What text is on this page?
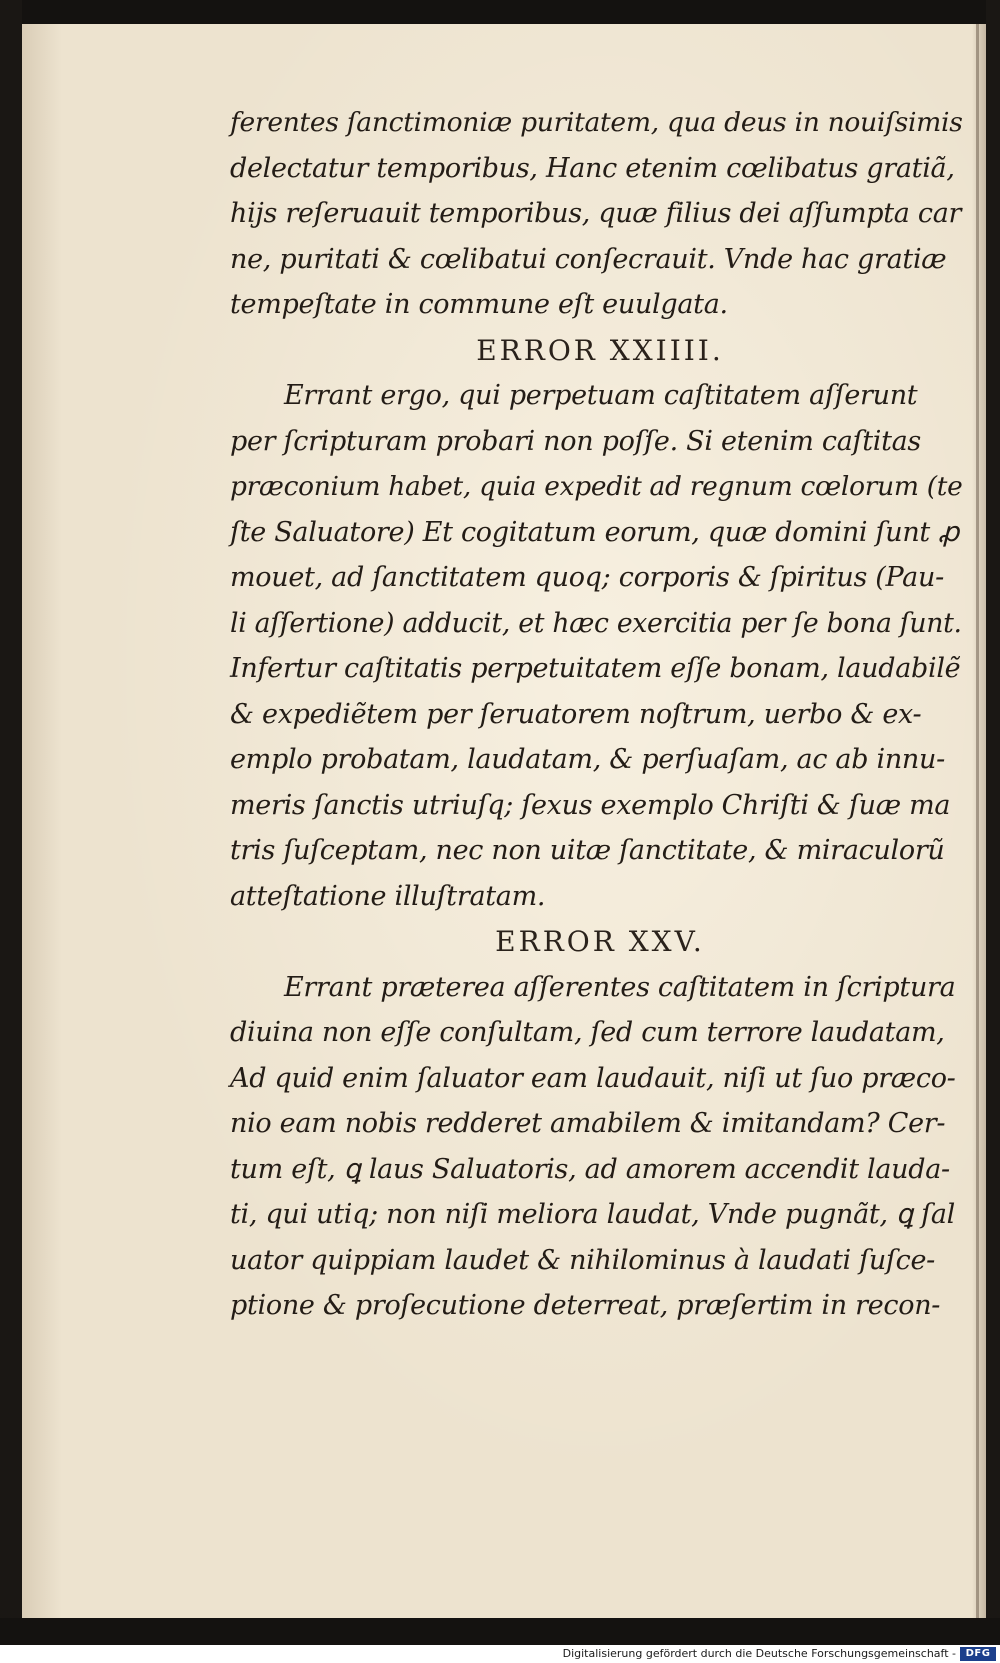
ferentes ſanctimoniæ puritatem, qua deus in nouiſsimis
delectatur temporibus, Hanc etenim cœlibatus gratiã,
hijs reſeruauit temporibus, quæ filius dei aſſumpta car
ne, puritati & cœlibatui conſecrauit. Vnde hac gratiæ
tempeſtate in commune eſt euulgata.
ERROR XXIIII.
Errant ergo, qui perpetuam caſtitatem aſſerunt
per ſcripturam probari non poſſe. Si etenim caſtitas
præconium habet, quia expedit ad regnum cœlorum (te
ſte Saluatore) Et cogitatum eorum, quæ domini ſunt ꝓ
mouet, ad ſanctitatem quoq; corporis & ſpiritus (Pau-
li aſſertione) adducit, et hæc exercitia per ſe bona ſunt.
Infertur caſtitatis perpetuitatem eſſe bonam, laudabilẽ
& expediẽtem per ſeruatorem noſtrum, uerbo & ex-
emplo probatam, laudatam, & perſuaſam, ac ab innu-
meris ſanctis utriuſq; ſexus exemplo Chriſti & ſuæ ma
tris ſuſceptam, nec non uitæ ſanctitate, & miraculorũ
atteſtatione illuſtratam.
ERROR XXV.
Errant præterea aſſerentes caſtitatem in ſcriptura
diuina non eſſe conſultam, ſed cum terrore laudatam,
Ad quid enim ſaluator eam laudauit, niſi ut ſuo præco-
nio eam nobis redderet amabilem & imitandam? Cer-
tum eſt, ꝗ laus Saluatoris, ad amorem accendit lauda-
ti, qui utiq; non niſi meliora laudat, Vnde pugnãt, ꝗ ſal
uator quippiam laudet & nihilominus à laudati ſuſce-
ptione & proſecutione deterreat, præſertim in recon-
Digitalisierung gefördert durch die Deutsche Forschungsgemeinschaft - DFG
